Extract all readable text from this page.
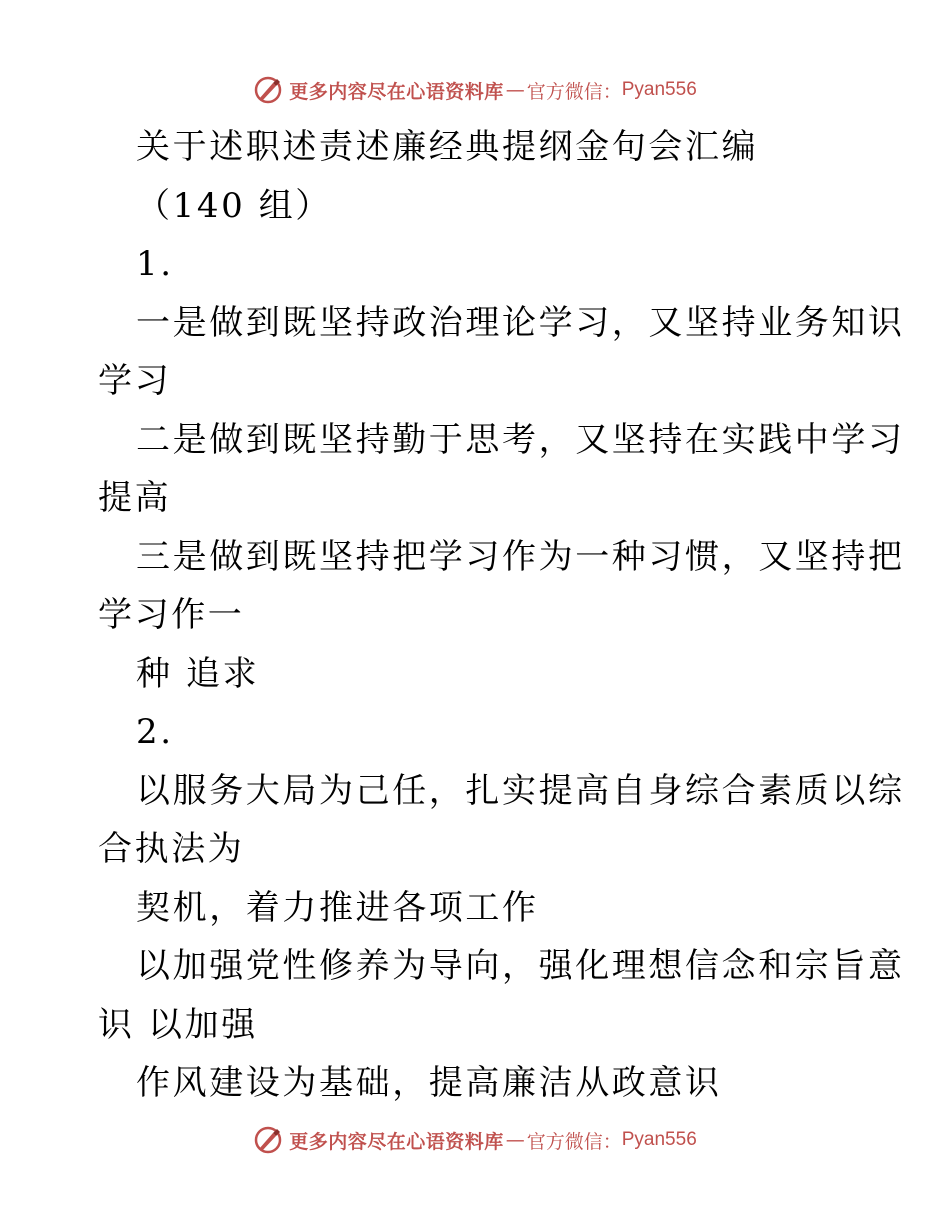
更多内容尽在心语资料库 — 官方微信： Pyan556
关于述职述责述廉经典提纲金句会汇编
（140 组）
1.
一是做到既坚持政治理论学习，又坚持业务知识
学习
二是做到既坚持勤于思考，又坚持在实践中学习
提高
三是做到既坚持把学习作为一种习惯，又坚持把
学习作一
种 追求
2.
以服务大局为己任，扎实提高自身综合素质以综
合执法为
契机，着力推进各项工作
以加强党性修养为导向，强化理想信念和宗旨意
识 以加强
作风建设为基础，提高廉洁从政意识
更多内容尽在心语资料库 — 官方微信： Pyan556
